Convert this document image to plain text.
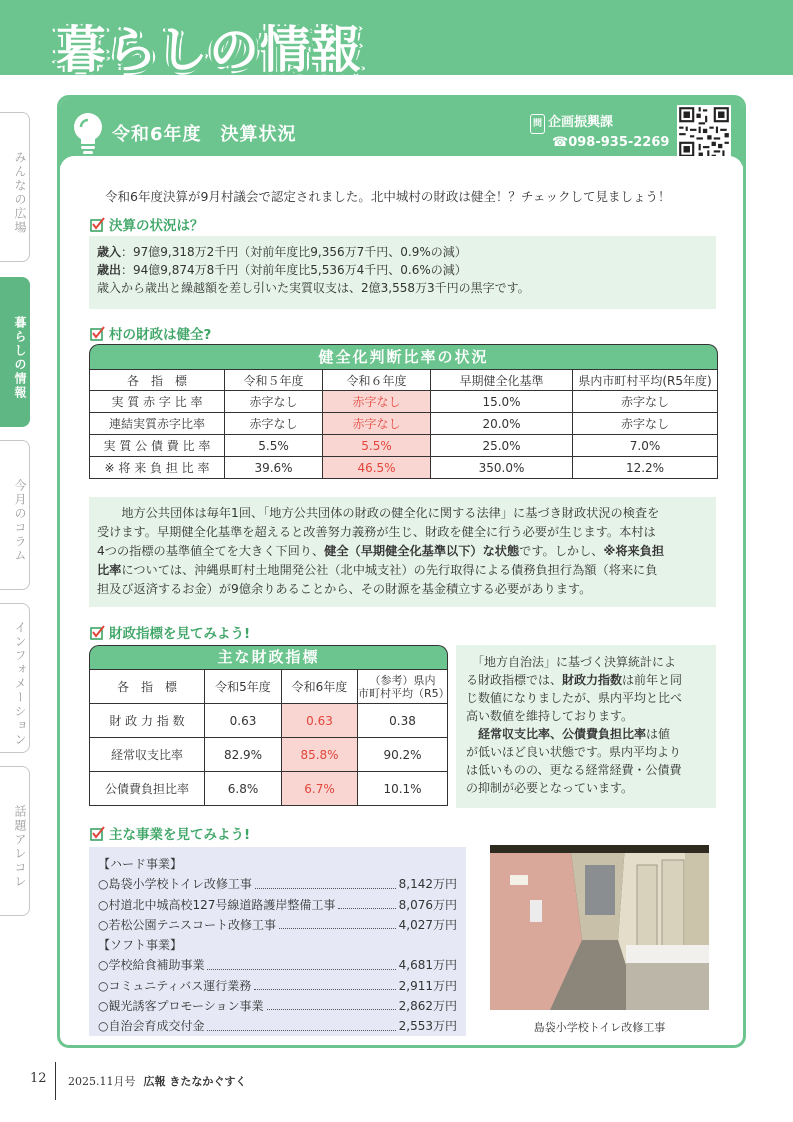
暮らしの情報
みんなの広場
暮らしの情報
今月のコラム
インフォメーション
話題アレコレ
令和6年度　決算状況	問 企画振興課
☎098-935-2269
令和6年度決算が9月村議会で認定されました。北中城村の財政は健全！？チェックして見ましょう！
決算の状況は？
歳入：97億9,318万2千円（対前年度比9,356万7千円、0.9%の減）
歳出：94億9,874万8千円（対前年度比5,536万4千円、0.6%の減）
歳入から歳出と繰越額を差し引いた実質収支は、2億3,558万3千円の黒字です。
村の財政は健全?
健全化判断比率の状況
各　指　標	令和５年度	令和６年度	早期健全化基準	県内市町村平均(R5年度)
実 質 赤 字 比 率	赤字なし	赤字なし	15.0%	赤字なし
連結実質赤字比率	赤字なし	赤字なし	20.0%	赤字なし
実 質 公 債 費 比 率	5.5%	5.5%	25.0%	7.0%
※ 将 来 負 担 比 率	39.6%	46.5%	350.0%	12.2%
　　地方公共団体は毎年1回、「地方公共団体の財政の健全化に関する法律」に基づき財政状況の検査を
受けます。早期健全化基準を超えると改善努力義務が生じ、財政を健全に行う必要が生じます。本村は
4つの指標の基準値全てを大きく下回り、健全（早期健全化基準以下）な状態です。しかし、※将来負担
比率については、沖縄県町村土地開発公社（北中城支社）の先行取得による債務負担行為額（将来に負
担及び返済するお金）が9億余りあることから、その財源を基金積立する必要があります。
財政指標を見てみよう!
主な財政指標
各　指　標	令和5年度	令和6年度	（参考）県内
市町村平均（R5）
財 政 力 指 数	0.63	0.63	0.38
経常収支比率	82.9%	85.8%	90.2%
公債費負担比率	6.8%	6.7%	10.1%
　「地方自治法」に基づく決算統計によ
る財政指標では、財政力指数は前年と同
じ数値になりましたが、県内平均と比べ
高い数値を維持しております。
　経常収支比率、公債費負担比率は値
が低いほど良い状態です。県内平均より
は低いものの、更なる経常経費・公債費
の抑制が必要となっています。
主な事業を見てみよう!
【ハード事業】
○島袋小学校トイレ改修工事	8,142万円
○村道北中城高校127号線道路護岸整備工事	8,076万円
○若松公園テニスコート改修工事	4,027万円
【ソフト事業】
○学校給食補助事業	4,681万円
○コミュニティバス運行業務	2,911万円
○観光誘客プロモーション事業	2,862万円
○自治会育成交付金	2,553万円	島袋小学校トイレ改修工事
12 2025.11月号 広報 きたなかぐすく
